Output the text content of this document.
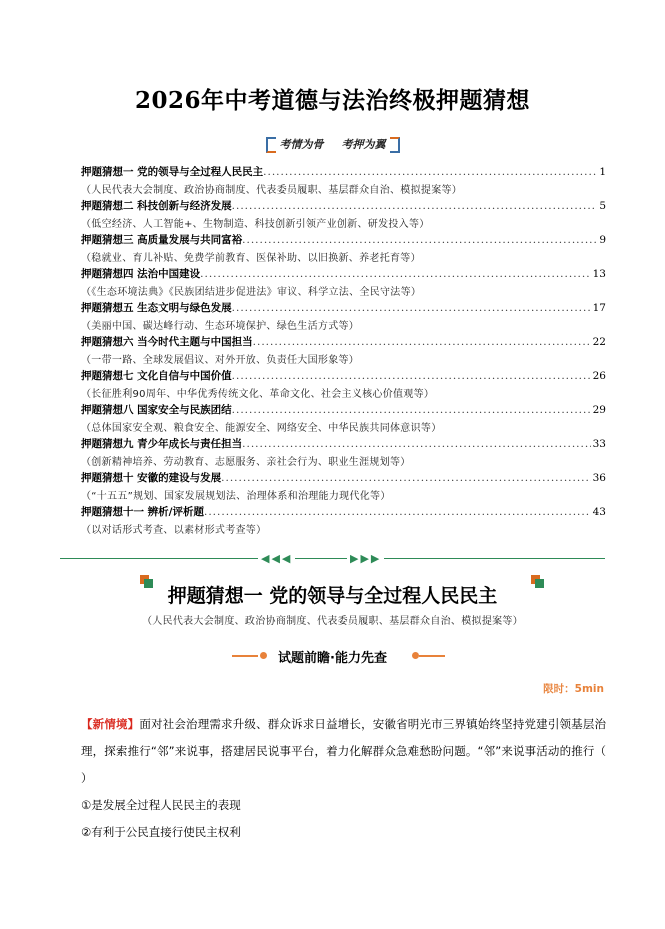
2026年中考道德与法治终极押题猜想
考情为骨 考押为翼
押题猜想一 党的领导与全过程人民民主 .....	1
（人民代表大会制度、政治协商制度、代表委员履职、基层群众自治、模拟提案等）
押题猜想二 科技创新与经济发展 .....	5
（低空经济、人工智能+、生物制造、科技创新引领产业创新、研发投入等）
押题猜想三 高质量发展与共同富裕 .....	9
（稳就业、育儿补贴、免费学前教育、医保补助、以旧换新、养老托育等）
押题猜想四 法治中国建设 .....	13
（《生态环境法典》《民族团结进步促进法》审议、科学立法、全民守法等）
押题猜想五 生态文明与绿色发展 .....	17
（美丽中国、碳达峰行动、生态环境保护、绿色生活方式等）
押题猜想六 当今时代主题与中国担当 .....	22
（一带一路、全球发展倡议、对外开放、负责任大国形象等）
押题猜想七 文化自信与中国价值 .....	26
（长征胜利90周年、中华优秀传统文化、革命文化、社会主义核心价值观等）
押题猜想八 国家安全与民族团结 .....	29
（总体国家安全观、粮食安全、能源安全、网络安全、中华民族共同体意识等）
押题猜想九 青少年成长与责任担当 .....	33
（创新精神培养、劳动教育、志愿服务、亲社会行为、职业生涯规划等）
押题猜想十 安徽的建设与发展 .....	36
（“十五五”规划、国家发展规划法、治理体系和治理能力现代化等）
押题猜想十一 辨析/评析题 .....	43
（以对话形式考查、以素材形式考查等）
◀◀◀	▶▶▶
押题猜想一 党的领导与全过程人民民主
（人民代表大会制度、政治协商制度、代表委员履职、基层群众自治、模拟提案等）
试题前瞻·能力先查
限时：5min
【新情境】面对社会治理需求升级、群众诉求日益增长，安徽省明光市三界镇始终坚持党建引领基层治理，探索推行“邻”来说事，搭建居民说事平台，着力化解群众急难愁盼问题。“邻”来说事活动的推行（ ）
①是发展全过程人民民主的表现
②有利于公民直接行使民主权利
